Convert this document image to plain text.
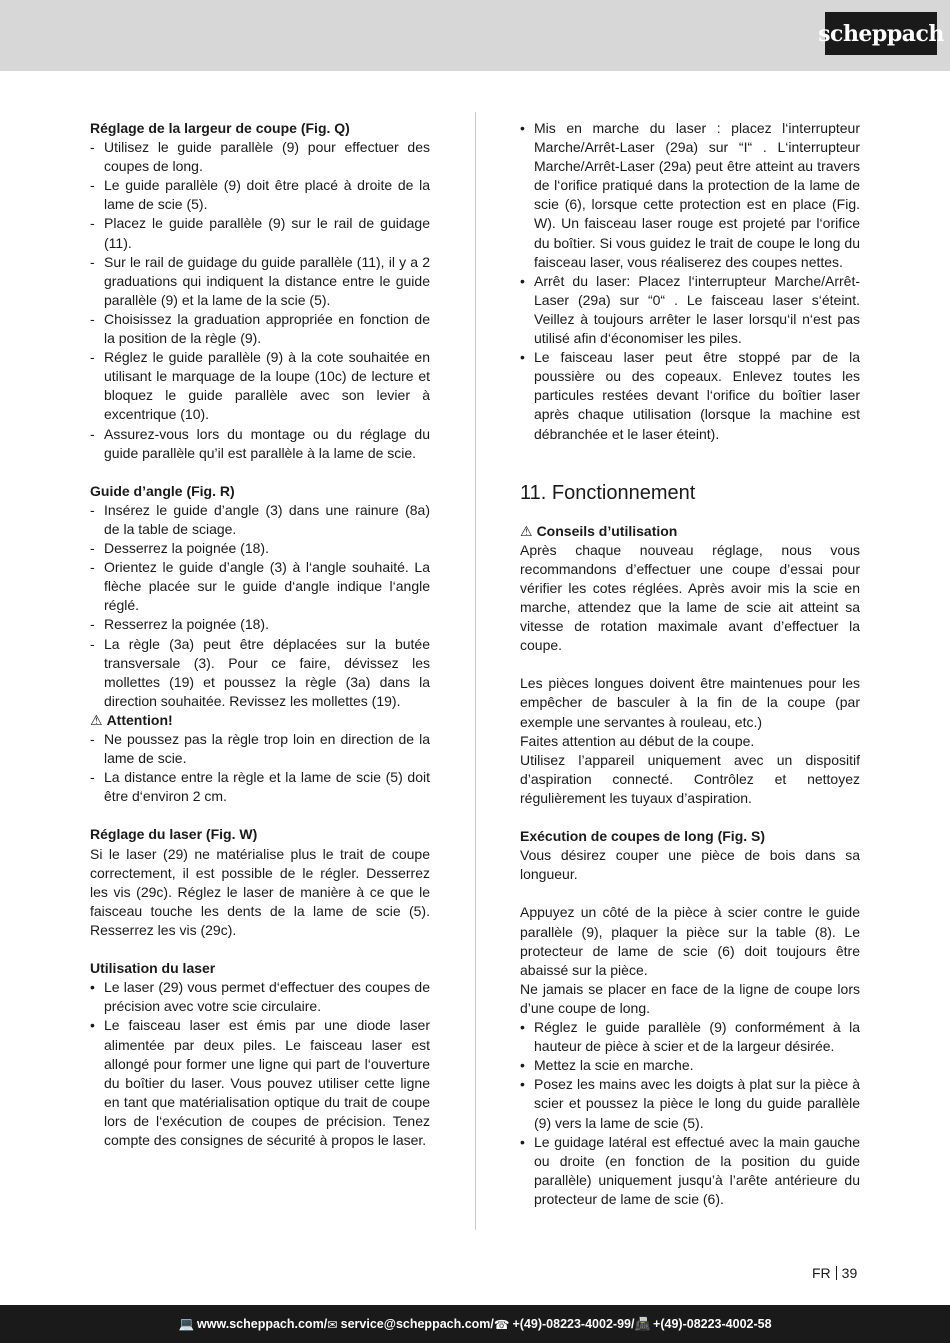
scheppach
Réglage de la largeur de coupe (Fig. Q)
- Utilisez le guide parallèle (9) pour effectuer des coupes de long.
- Le guide parallèle (9) doit être placé à droite de la lame de scie (5).
- Placez le guide parallèle (9) sur le rail de guidage (11).
- Sur le rail de guidage du guide parallèle (11), il y a 2 graduations qui indiquent la distance entre le guide parallèle (9) et la lame de la scie (5).
- Choisissez la graduation appropriée en fonction de la position de la règle (9).
- Réglez le guide parallèle (9) à la cote souhaitée en utilisant le marquage de la loupe (10c) de lecture et bloquez le guide parallèle avec son levier à excentrique (10).
- Assurez-vous lors du montage ou du réglage du guide parallèle qu’il est parallèle à la lame de scie.
Guide d’angle (Fig. R)
- Insérez le guide d’angle (3) dans une rainure (8a) de la table de sciage.
- Desserrez la poignée (18).
- Orientez le guide d’angle (3) à l‘angle souhaité. La flèche placée sur le guide d‘angle indique l‘angle réglé.
- Resserrez la poignée (18).
- La règle (3a) peut être déplacées sur la butée transversale (3). Pour ce faire, dévissez les mollettes (19) et poussez la règle (3a) dans la direction souhaitée. Revissez les mollettes (19).
⚠ Attention!
- Ne poussez pas la règle trop loin en direction de la lame de scie.
- La distance entre la règle et la lame de scie (5) doit être d‘environ 2 cm.
Réglage du laser (Fig. W)

Si le laser (29) ne matérialise plus le trait de coupe correctement, il est possible de le régler. Desserrez les vis (29c). Réglez le laser de manière à ce que le faisceau touche les dents de la lame de scie (5). Resserrez les vis (29c).

Utilisation du laser
• Le laser (29) vous permet d‘effectuer des coupes de précision avec votre scie circulaire.
• Le faisceau laser est émis par une diode laser alimentée par deux piles. Le faisceau laser est allongé pour former une ligne qui part de l‘ouverture du boîtier du laser. Vous pouvez utiliser cette ligne en tant que matérialisation optique du trait de coupe lors de l‘exécution de coupes de précision. Tenez compte des consignes de sécurité à propos le laser.
• Mis en marche du laser : placez l‘interrupteur Marche/Arrêt-Laser (29a) sur “I“ . L‘interrupteur Marche/Arrêt-Laser (29a) peut être atteint au travers de l‘orifice pratiqué dans la protection de la lame de scie (6), lorsque cette protection est en place (Fig. W). Un faisceau laser rouge est projeté par l‘orifice du boîtier. Si vous guidez le trait de coupe le long du faisceau laser, vous réaliserez des coupes nettes.
• Arrêt du laser: Placez l‘interrupteur Marche/Arrêt-Laser (29a) sur “0“ . Le faisceau laser s‘éteint. Veillez à toujours arrêter le laser lorsqu‘il n‘est pas utilisé afin d‘économiser les piles.
• Le faisceau laser peut être stoppé par de la poussière ou des copeaux. Enlevez toutes les particules restées devant l‘orifice du boîtier laser après chaque utilisation (lorsque la machine est débranchée et le laser éteint).
11. Fonctionnement
⚠ Conseils d’utilisation

Après chaque nouveau réglage, nous vous recommandons d’effectuer une coupe d’essai pour vérifier les cotes réglées. Après avoir mis la scie en marche, attendez que la lame de scie ait atteint sa vitesse de rotation maximale avant d’effectuer la coupe.

Les pièces longues doivent être maintenues pour les empêcher de basculer à la fin de la coupe (par exemple une servantes à rouleau, etc.)

Faites attention au début de la coupe.

Utilisez l’appareil uniquement avec un dispositif d’aspiration connecté. Contrôlez et nettoyez régulièrement les tuyaux d’aspiration.

Exécution de coupes de long (Fig. S)

Vous désirez couper une pièce de bois dans sa longueur.

Appuyez un côté de la pièce à scier contre le guide parallèle (9), plaquer la pièce sur la table (8). Le protecteur de lame de scie (6) doit toujours être abaissé sur la pièce.

Ne jamais se placer en face de la ligne de coupe lors d’une coupe de long.

• Réglez le guide parallèle (9) conformément à la hauteur de pièce à scier et de la largeur désirée.
• Mettez la scie en marche.
• Posez les mains avec les doigts à plat sur la pièce à scier et poussez la pièce le long du guide parallèle (9) vers la lame de scie (5).
• Le guidage latéral est effectué avec la main gauche ou droite (en fonction de la position du guide parallèle) uniquement jusqu’à l’arête antérieure du protecteur de lame de scie (6).
FR 39
💻 www.scheppach.com / ✉ service@scheppach.com / ☎ +(49)-08223-4002-99 / 📠 +(49)-08223-4002-58
